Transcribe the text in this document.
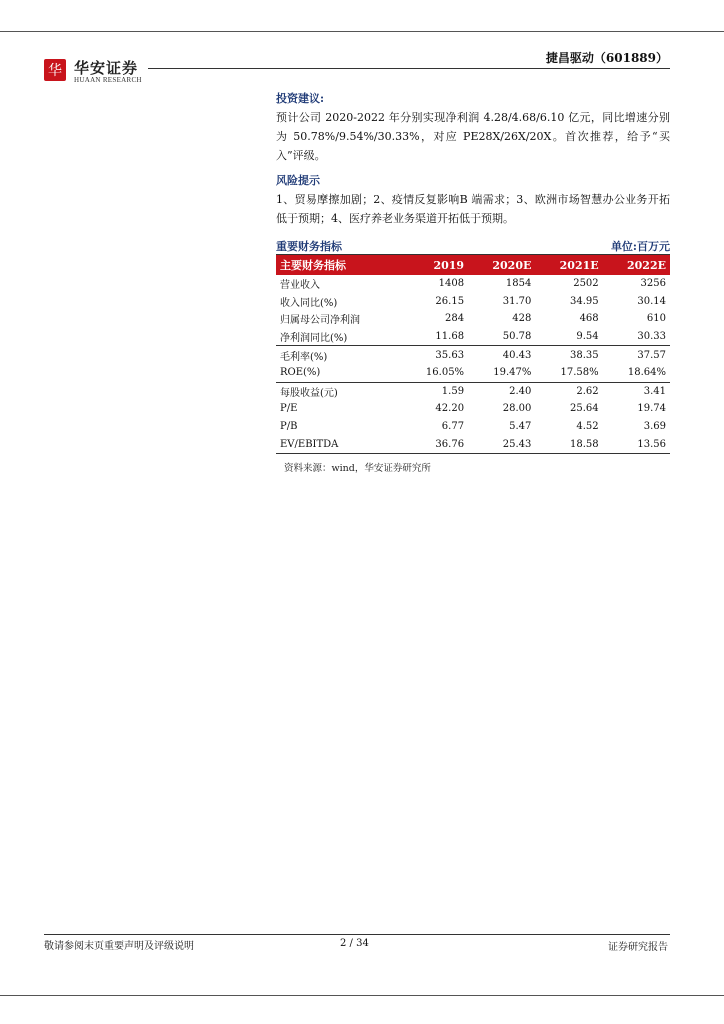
华 华安证券
HUAAN RESEARCH
捷昌驱动（601889）
投资建议:

预计公司 2020-2022 年分别实现净利润 4.28/4.68/6.10 亿元，同比增速分别为 50.78%/9.54%/30.33%，对应 PE28X/26X/20X。首次推荐，给予“买入”评级。

风险提示

1、贸易摩擦加剧；2、疫情反复影响B 端需求；3、欧洲市场智慧办公业务开拓低于预期；4、医疗养老业务渠道开拓低于预期。

重要财务指标	单位:百万元
主要财务指标	2019	2020E	2021E	2022E
营业收入	1408	1854	2502	3256
收入同比(%)	26.15	31.70	34.95	30.14
归属母公司净利润	284	428	468	610
净利润同比(%)	11.68	50.78	9.54	30.33
毛利率(%)	35.63	40.43	38.35	37.57
ROE(%)	16.05%	19.47%	17.58%	18.64%
每股收益(元)	1.59	2.40	2.62	3.41
P/E	42.20	28.00	25.64	19.74
P/B	6.77	5.47	4.52	3.69
EV/EBITDA	36.76	25.43	18.58	13.56
资料来源：wind，华安证券研究所
敬请参阅末页重要声明及评级说明	2 / 34	证券研究报告
